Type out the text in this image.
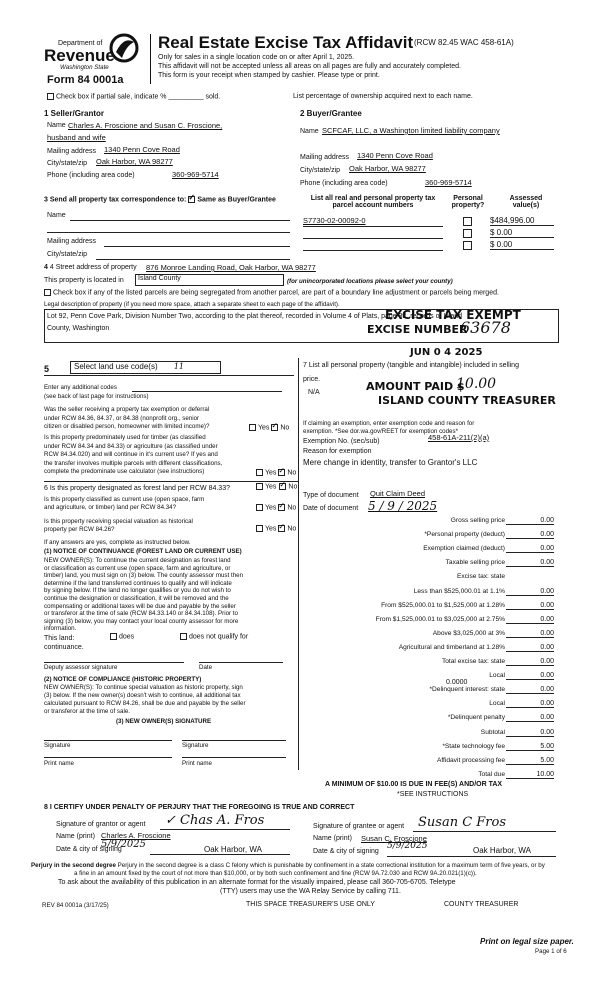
Department of
Revenue
Washington State
Form 84 0001a
Real Estate Excise Tax Affidavit (RCW 82.45 WAC 458-61A)
Only for sales in a single location code on or after April 1, 2025.
This affidavit will not be accepted unless all areas on all pages are fully and accurately completed.
This form is your receipt when stamped by cashier. Please type or print.
Check box if partial sale, indicate % _________ sold.	List percentage of ownership acquired next to each name.
1 Seller/Grantor
Name Charles A. Froscione and Susan C. Froscione,
husband and wife
Mailing address 1340 Penn Cove Road
City/state/zip Oak Harbor, WA 98277
Phone (including area code)	360-969-5714
2 Buyer/Grantee
Name SCFCAF, LLC, a Washington limited liability company
Mailing address 1340 Penn Cove Road
City/state/zip Oak Harbor, WA 98277
Phone (including area code)	360-969-5714
3 Send all property tax correspondence to: ✓ Same as Buyer/Grantee
Name
Mailing address
City/state/zip
List all real and personal property tax parcel account numbers
Personal property?
Assessed value(s)
S7730-02-00092-0	$484,996.00
$ 0.00
$ 0.00
4 4 Street address of property 876 Monroe Landing Road, Oak Harbor, WA 98277
This property is located in	Island County	(for unincorporated locations please select your county)
Check box if any of the listed parcels are being segregated from another parcel, are part of a boundary line adjustment or parcels being merged.
Legal description of property (if you need more space, attach a separate sheet to each page of the affidavit).
Lot 92, Penn Cove Park, Division Number Two, according to the plat thereof, recorded in Volume 4 of Plats, page 32, records of Island
County, Washington
EXCISE TAX EXEMPT
EXCISE NUMBER
63678
JUN 0 4 2025
5	Select land use code(s) 11
Enter any additional codes
(see back of last page for instructions)
Was the seller receiving a property tax exemption or deferral
under RCW 84.36, 84.37, or 84.38 (nonprofit org., senior
citizen or disabled person, homeowner with limited income)?	Yes ✓ No
Is this property predominately used for timber (as classified
under RCW 84.34 and 84.33) or agriculture (as classified under
RCW 84.34.020) and will continue in it's current use? If yes and
the transfer involves multiple parcels with different classifications,
complete the predominate use calculator (see instructions)	Yes ✓ No
6 Is this property designated as forest land per RCW 84.33?	Yes ✓ No
Is this property classified as current use (open space, farm
and agriculture, or timber) land per RCW 84.34?	Yes ✓ No
Is this property receiving special valuation as historical
property per RCW 84.26?	Yes ✓ No
If any answers are yes, complete as instructed below.
(1) NOTICE OF CONTINUANCE (FOREST LAND OR CURRENT USE)
NEW OWNER(S): To continue the current designation as forest land
or classification as current use (open space, farm and agriculture, or
timber) land, you must sign on (3) below. The county assessor must then
determine if the land transferred continues to qualify and will indicate
by signing below. If the land no longer qualifies or you do not wish to
continue the designation or classification, it will be removed and the
compensating or additional taxes will be due and payable by the seller
or transferor at the time of sale (RCW 84.33.140 or 84.34.108). Prior to
signing (3) below, you may contact your local county assessor for more
information.
This land:	does	does not qualify for
continuance.
Deputy assessor signature	Date
(2) NOTICE OF COMPLIANCE (HISTORIC PROPERTY)
NEW OWNER(S): To continue special valuation as historic property, sign
(3) below. If the new owner(s) doesn't wish to continue, all additional tax
calculated pursuant to RCW 84.26, shall be due and payable by the seller
or transferor at the time of sale.
(3) NEW OWNER(S) SIGNATURE
Signature	Signature
Print name	Print name
7 List all personal property (tangible and intangible) included in selling
price.
N/A	AMOUNT PAID $
10.00
ISLAND COUNTY TREASURER
If claiming an exemption, enter exemption code and reason for
exemption. *See dor.wa.gov/REET for exemption codes*
Exemption No. (sec/sub)	458-61A-211(2)(a)
Reason for exemption
Mere change in identity, transfer to Grantor's LLC
Type of document Quit Claim Deed
Date of document 5 / 9 / 2025
Gross selling price	0.00
*Personal property (deduct)	0.00
Exemption claimed (deduct)	0.00
Taxable selling price	0.00
Excise tax: state
Less than $525,000.01 at 1.1%	0.00
From $525,000.01 to $1,525,000 at 1.28%	0.00
From $1,525,000.01 to $3,025,000 at 2.75%	0.00
Above $3,025,000 at 3%	0.00
Agricultural and timberland at 1.28%	0.00
Total excise tax: state	0.00
Local	0.00
*Delinquent interest: state	0.00
Local	0.00
*Delinquent penalty	0.00
Subtotal	0.00
*State technology fee	5.00
Affidavit processing fee	5.00
Total due	10.00
0.0000
A MINIMUM OF $10.00 IS DUE IN FEE(S) AND/OR TAX
*SEE INSTRUCTIONS
8 I CERTIFY UNDER PENALTY OF PERJURY THAT THE FOREGOING IS TRUE AND CORRECT
Signature of grantor or agent ✓ Chas A. Fros
Name (print) Charles A. Froscione
Date & city of signing
5/9/2025	Oak Harbor, WA
Signature of grantee or agent Susan C Fros
Name (print) Susan C. Froscione
Date & city of signing
5/9/2025	Oak Harbor, WA
Perjury in the second degree Perjury in the second degree is a class C felony which is punishable by confinement in a state correctional institution for a maximum term of five years, or by
a fine in an amount fixed by the court of not more than $10,000, or by both such confinement and fine (RCW 9A.72.030 and RCW 9A.20.021(1)(c)).
To ask about the availability of this publication in an alternate format for the visually impaired, please call 360-705-6705. Teletype
(TTY) users may use the WA Relay Service by calling 711.
REV 84 0001a (3/17/25)	THIS SPACE TREASURER'S USE ONLY	COUNTY TREASURER
Print on legal size paper.
Page 1 of 6
